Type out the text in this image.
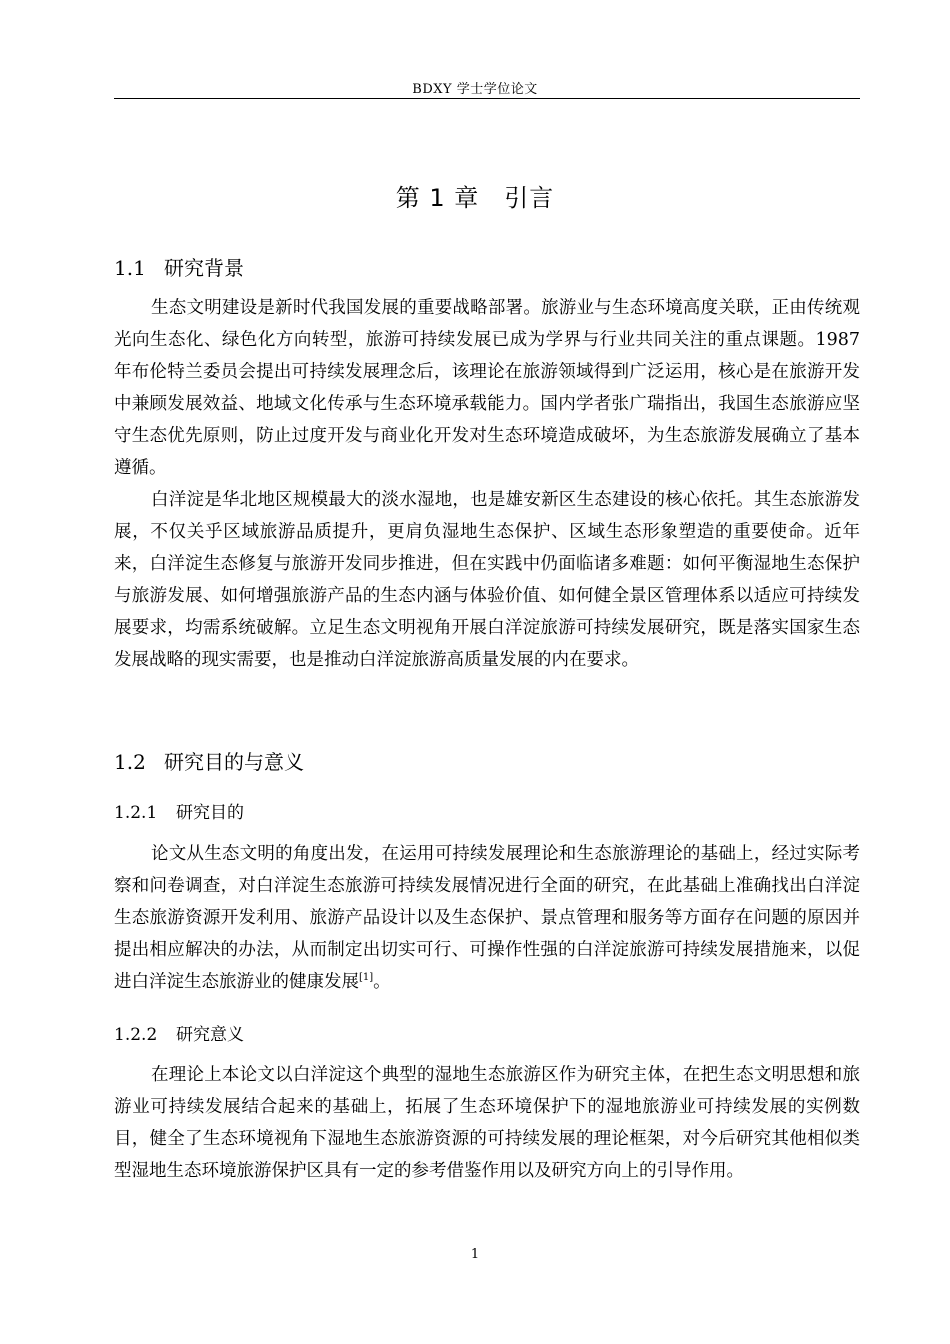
BDXY 学士学位论文
第 1 章　引言
1.1 研究背景

生态文明建设是新时代我国发展的重要战略部署。旅游业与生态环境高度关联，正由传统观光向生态化、绿色化方向转型，旅游可持续发展已成为学界与行业共同关注的重点课题。1987 年布伦特兰委员会提出可持续发展理念后，该理论在旅游领域得到广泛运用，核心是在旅游开发中兼顾发展效益、地域文化传承与生态环境承载能力。国内学者张广瑞指出，我国生态旅游应坚守生态优先原则，防止过度开发与商业化开发对生态环境造成破坏，为生态旅游发展确立了基本遵循。

白洋淀是华北地区规模最大的淡水湿地，也是雄安新区生态建设的核心依托。其生态旅游发展，不仅关乎区域旅游品质提升，更肩负湿地生态保护、区域生态形象塑造的重要使命。近年来，白洋淀生态修复与旅游开发同步推进，但在实践中仍面临诸多难题：如何平衡湿地生态保护与旅游发展、如何增强旅游产品的生态内涵与体验价值、如何健全景区管理体系以适应可持续发展要求，均需系统破解。立足生态文明视角开展白洋淀旅游可持续发展研究，既是落实国家生态发展战略的现实需要，也是推动白洋淀旅游高质量发展的内在要求。

1.2 研究目的与意义
1.2.1 研究目的

论文从生态文明的角度出发，在运用可持续发展理论和生态旅游理论的基础上，经过实际考察和问卷调查，对白洋淀生态旅游可持续发展情况进行全面的研究，在此基础上准确找出白洋淀生态旅游资源开发利用、旅游产品设计以及生态保护、景点管理和服务等方面存在问题的原因并提出相应解决的办法，从而制定出切实可行、可操作性强的白洋淀旅游可持续发展措施来，以促进白洋淀生态旅游业的健康发展[1]。

1.2.2 研究意义

在理论上本论文以白洋淀这个典型的湿地生态旅游区作为研究主体，在把生态文明思想和旅游业可持续发展结合起来的基础上，拓展了生态环境保护下的湿地旅游业可持续发展的实例数目，健全了生态环境视角下湿地生态旅游资源的可持续发展的理论框架，对今后研究其他相似类型湿地生态环境旅游保护区具有一定的参考借鉴作用以及研究方向上的引导作用。

1
